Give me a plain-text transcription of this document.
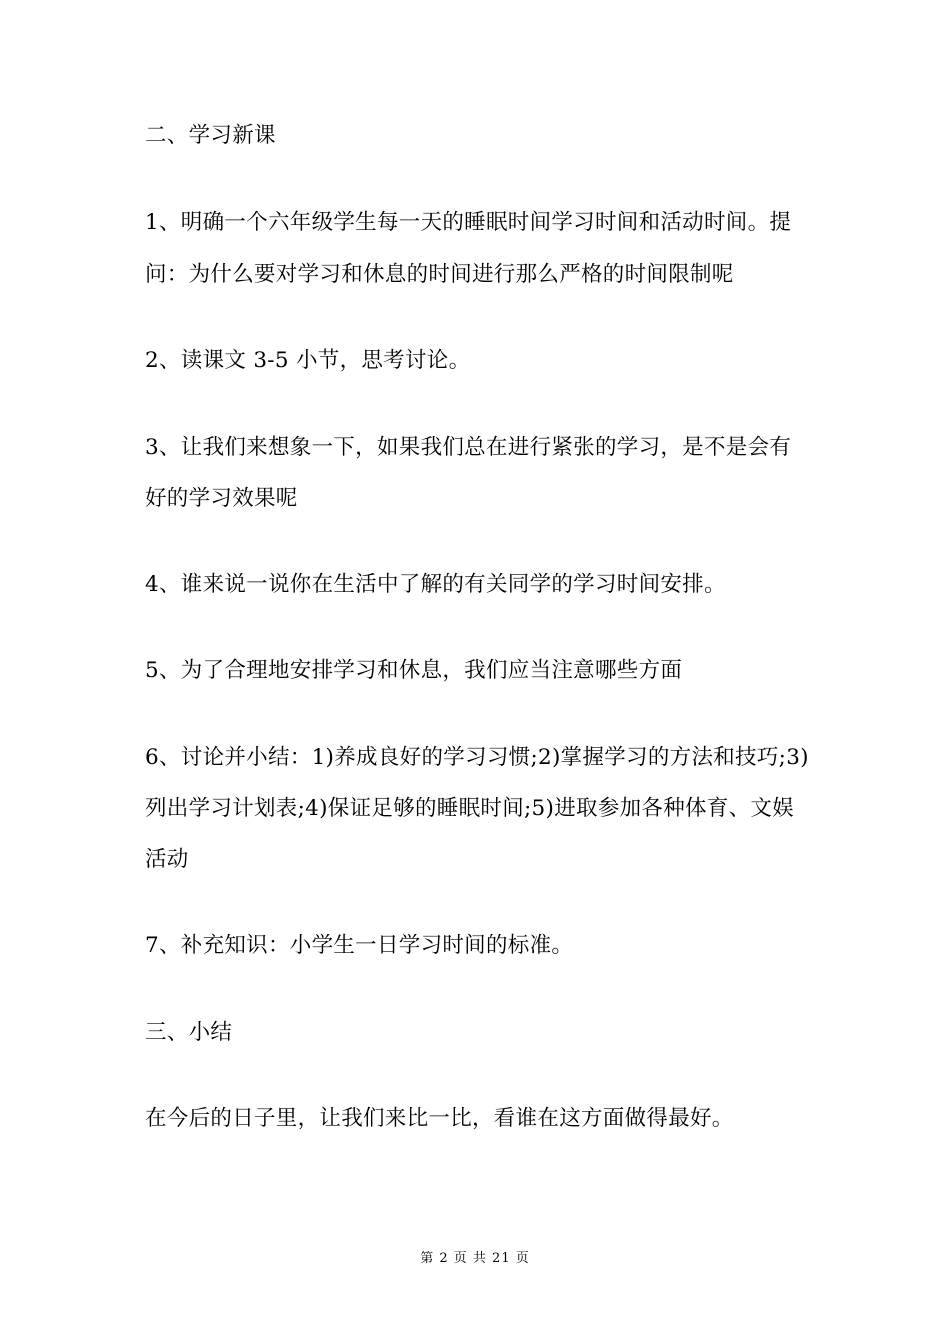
二、学习新课
1、明确一个六年级学生每一天的睡眠时间学习时间和活动时间。提
问：为什么要对学习和休息的时间进行那么严格的时间限制呢
2、读课文 3-5 小节，思考讨论。
3、让我们来想象一下，如果我们总在进行紧张的学习，是不是会有
好的学习效果呢
4、谁来说一说你在生活中了解的有关同学的学习时间安排。
5、为了合理地安排学习和休息，我们应当注意哪些方面
6、讨论并小结：1)养成良好的学习习惯;2)掌握学习的方法和技巧;3)
列出学习计划表;4)保证足够的睡眠时间;5)进取参加各种体育、文娱
活动
7、补充知识：小学生一日学习时间的标准。
三、小结
在今后的日子里，让我们来比一比，看谁在这方面做得最好。
第 2 页 共 21 页
